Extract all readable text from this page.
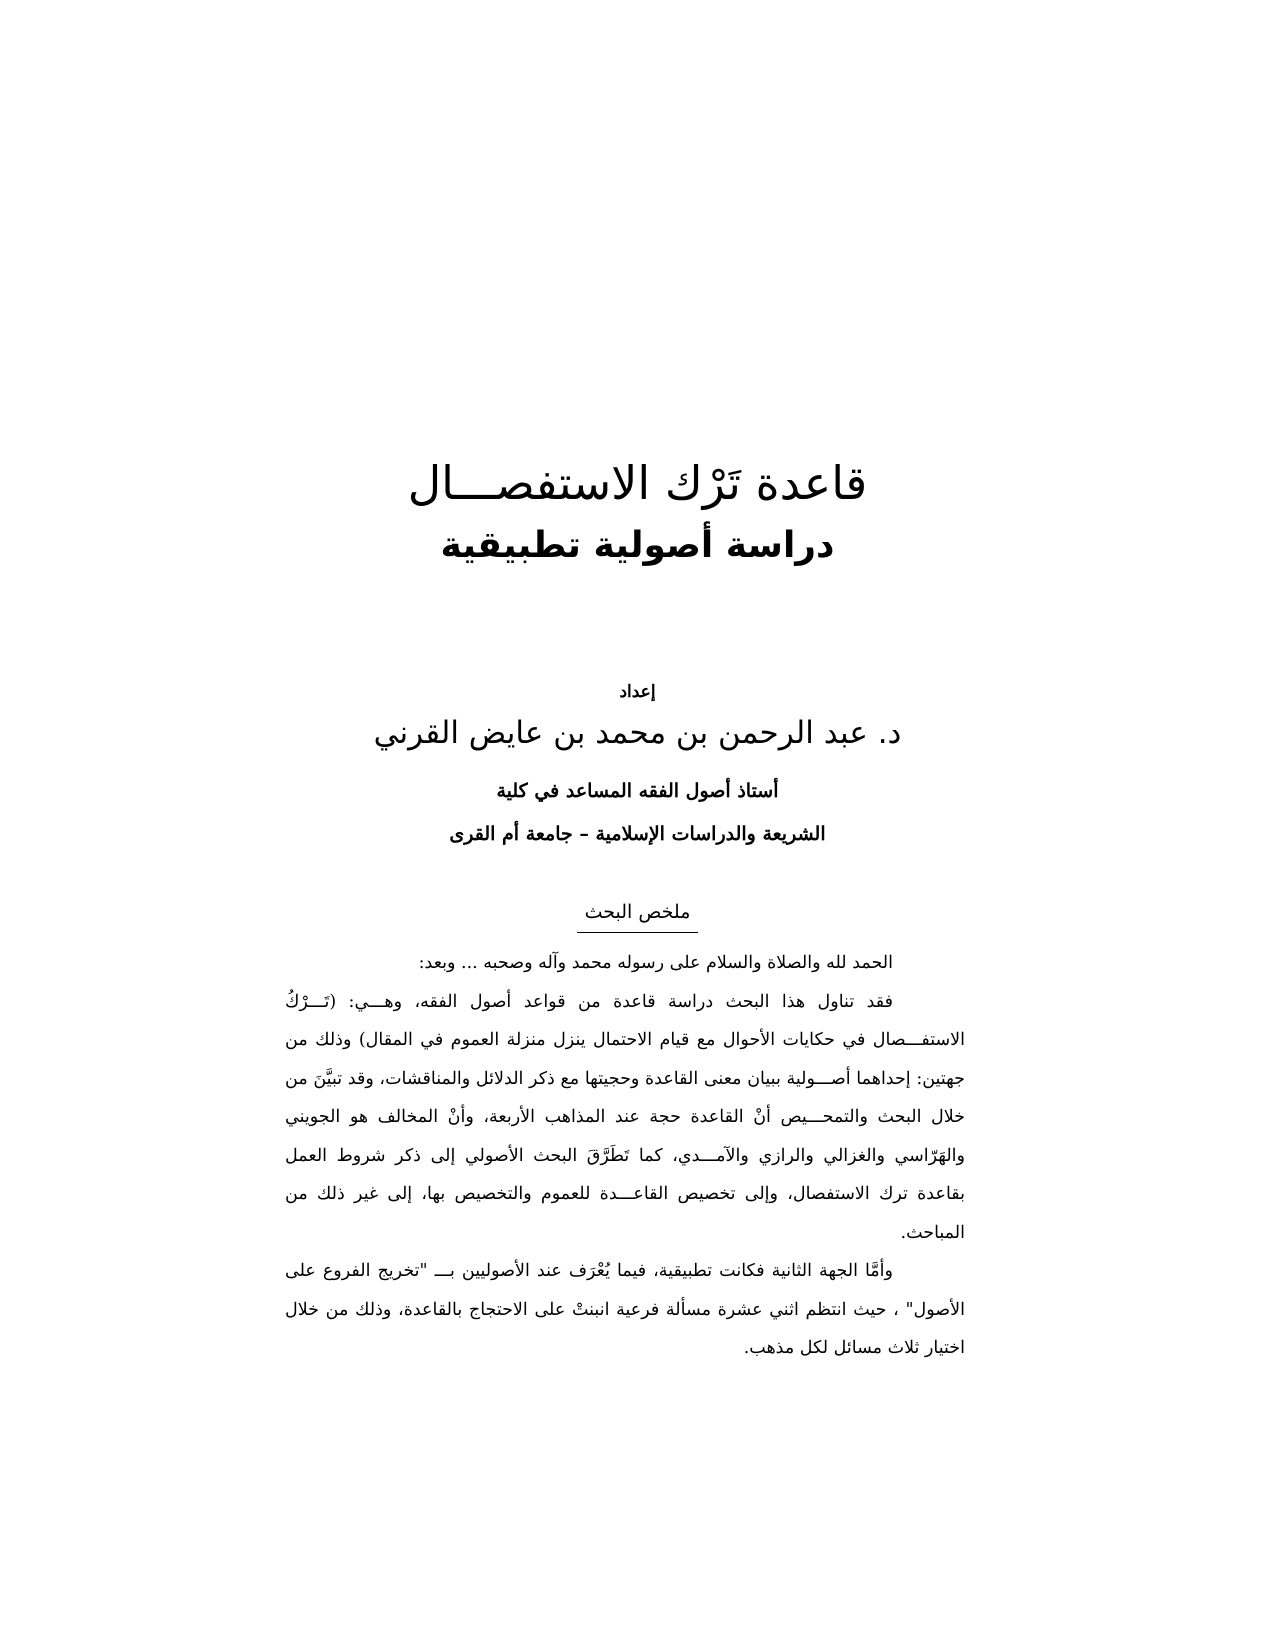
قاعدة تَرْك الاستفصـــال
دراسة أصولية تطبيقية
إعداد
د. عبد الرحمن بن محمد بن عايض القرني
أستاذ أصول الفقه المساعد في كلية
الشريعة والدراسات الإسلامية – جامعة أم القرى
ملخص البحث

الحمد لله والصلاة والسلام على رسوله محمد وآله وصحبه ... وبعد:

فقد تناول هذا البحث دراسة قاعدة من قواعد أصول الفقه، وهـــي: (تَـــرْكُ الاستفـــصال في حكايات الأحوال مع قيام الاحتمال ينزل منزلة العموم في المقال) وذلك من جهتين: إحداهما أصـــولية ببيان معنى القاعدة وحجيتها مع ذكر الدلائل والمناقشات، وقد تبيَّنَ من خلال البحث والتمحـــيص أنْ القاعدة حجة عند المذاهب الأربعة، وأنْ المخالف هو الجويني والهَرّاسي والغزالي والرازي والآمـــدي، كما تَطَرَّقَ البحث الأصولي إلى ذكر شروط العمل بقاعدة ترك الاستفصال، وإلى تخصيص القاعـــدة للعموم والتخصيص بها، إلى غير ذلك من المباحث.

وأمَّا الجهة الثانية فكانت تطبيقية، فيما يُعْرَف عند الأصوليين بـــ "تخريج الفروع على الأصول" ، حيث انتظم اثني عشرة مسألة فرعية انبنتْ على الاحتجاج بالقاعدة، وذلك من خلال اختيار ثلاث مسائل لكل مذهب.
